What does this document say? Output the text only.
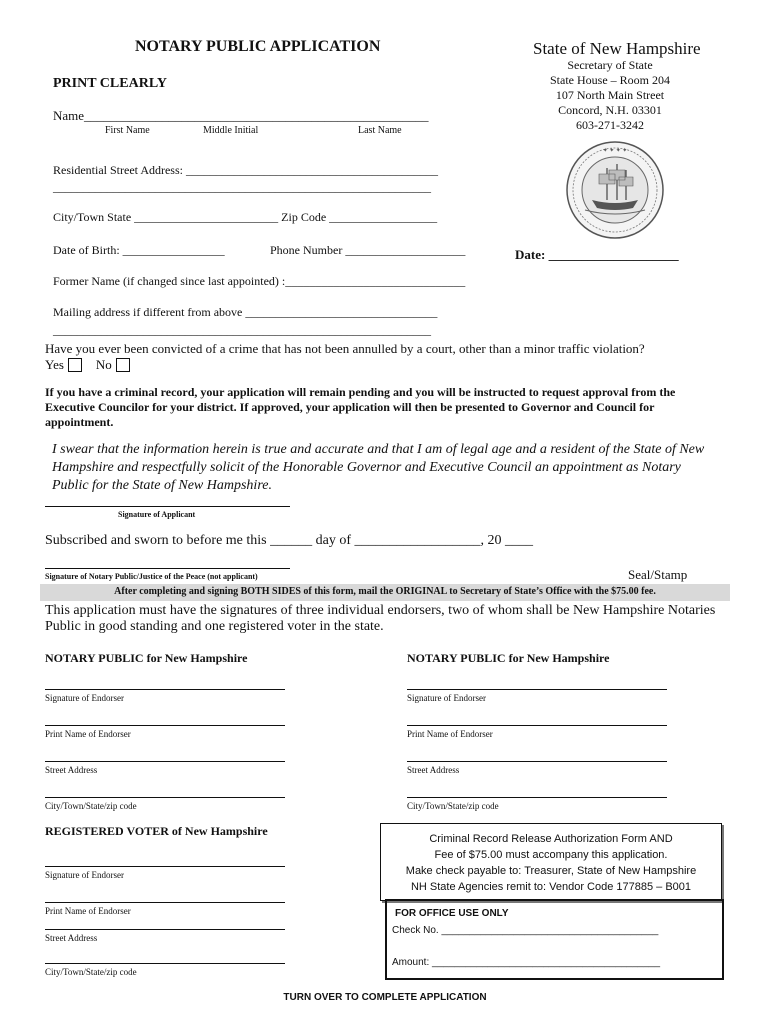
NOTARY PUBLIC APPLICATION
PRINT CLEARLY
State of New Hampshire
Secretary of State
State House – Room 204
107 North Main Street
Concord, N.H. 03301
603-271-3242
✦ ✦ ✦ ✦
Name_____________________________________________________
First Name	Middle Initial	Last Name
Residential Street Address: __________________________________________
_______________________________________________________________
City/Town State ________________________ Zip Code __________________
Date of Birth: _________________	Phone Number ____________________	Date: ____________________
Former Name (if changed since last appointed) :______________________________
Mailing address if different from above ________________________________
_______________________________________________________________
Have you ever been convicted of a crime that has not been annulled by a court, other than a minor traffic violation?
Yes No
If you have a criminal record, your application will remain pending and you will be instructed to request approval from the Executive Councilor for your district. If approved, your application will then be presented to Governor and Council for appointment.
I swear that the information herein is true and accurate and that I am of legal age and a resident of the State of New Hampshire and respectfully solicit of the Honorable Governor and Executive Council an appointment as Notary Public for the State of New Hampshire.
Signature of Applicant
Subscribed and sworn to before me this ______ day of __________________, 20 ____
Signature of Notary Public/Justice of the Peace (not applicant)	Seal/Stamp
After completing and signing BOTH SIDES of this form, mail the ORIGINAL to Secretary of State’s Office with the $75.00 fee.
This application must have the signatures of three individual endorsers, two of whom shall be New Hampshire Notaries Public in good standing and one registered voter in the state.
NOTARY PUBLIC for New Hampshire	NOTARY PUBLIC for New Hampshire
Signature of Endorser
Print Name of Endorser
Street Address
City/Town/State/zip code
Signature of Endorser
Print Name of Endorser
Street Address
City/Town/State/zip code
REGISTERED VOTER of New Hampshire
Signature of Endorser
Print Name of Endorser
Street Address
City/Town/State/zip code
Criminal Record Release Authorization Form AND
Fee of $75.00 must accompany this application.
Make check payable to: Treasurer, State of New Hampshire
NH State Agencies remit to: Vendor Code 177885 – B001
FOR OFFICE USE ONLY
Check No. _______________________________________
Amount: _________________________________________
TURN OVER TO COMPLETE APPLICATION
